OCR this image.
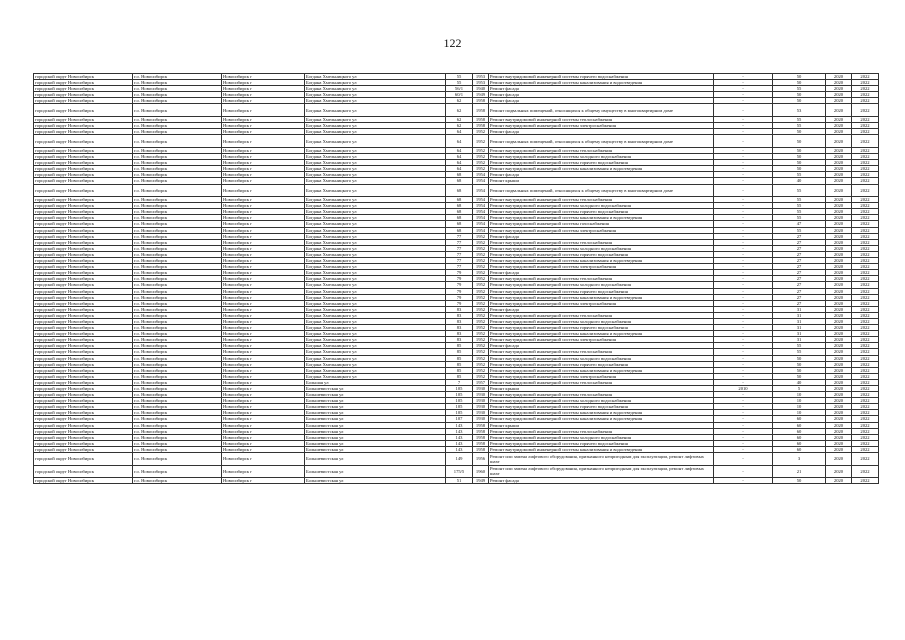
122
городской округ Новосибирск	г.о. Новосибирск	Новосибирск г	Богдана Хмельницкого ул	55	1953	Ремонт внутридомовой инженерной системы горячего водоснабжения	-	50	2020	2022
городской округ Новосибирск	г.о. Новосибирск	Новосибирск г	Богдана Хмельницкого ул	55	1953	Ремонт внутридомовой инженерной системы канализования и водоотведения	-	50	2020	2022
городской округ Новосибирск	г.о. Новосибирск	Новосибирск г	Богдана Хмельницкого ул	56/1	1940	Ремонт фасада	-	55	2020	2022
городской округ Новосибирск	г.о. Новосибирск	Новосибирск г	Богдана Хмельницкого ул	60/1	1949	Ремонт фасада	-	50	2020	2022
городской округ Новосибирск	г.о. Новосибирск	Новосибирск г	Богдана Хмельницкого ул	62	1958	Ремонт фасада	-	50	2020	2022
городской округ Новосибирск	г.о. Новосибирск	Новосибирск г	Богдана Хмельницкого ул	62	1958	Ремонт подвальных помещений, относящихся к общему имуществу в многоквартирном доме	-	53	2020	2022
городской округ Новосибирск	г.о. Новосибирск	Новосибирск г	Богдана Хмельницкого ул	62	1958	Ремонт внутридомовой инженерной системы теплоснабжения	-	55	2020	2022
городской округ Новосибирск	г.о. Новосибирск	Новосибирск г	Богдана Хмельницкого ул	62	1958	Ремонт внутридомовой инженерной системы электроснабжения	-	55	2020	2022
городской округ Новосибирск	г.о. Новосибирск	Новосибирск г	Богдана Хмельницкого ул	64	1952	Ремонт фасада	-	50	2020	2022
городской округ Новосибирск	г.о. Новосибирск	Новосибирск г	Богдана Хмельницкого ул	64	1952	Ремонт подвальных помещений, относящихся к общему имуществу в многоквартирном доме	-	50	2020	2022
городской округ Новосибирск	г.о. Новосибирск	Новосибирск г	Богдана Хмельницкого ул	64	1952	Ремонт внутридомовой инженерной системы теплоснабжения	-	50	2020	2022
городской округ Новосибирск	г.о. Новосибирск	Новосибирск г	Богдана Хмельницкого ул	64	1952	Ремонт внутридомовой инженерной системы холодного водоснабжения	-	50	2020	2022
городской округ Новосибирск	г.о. Новосибирск	Новосибирск г	Богдана Хмельницкого ул	64	1952	Ремонт внутридомовой инженерной системы горячего водоснабжения	-	50	2020	2022
городской округ Новосибирск	г.о. Новосибирск	Новосибирск г	Богдана Хмельницкого ул	64	1952	Ремонт внутридомовой инженерной системы канализования и водоотведения	-	50	2020	2022
городской округ Новосибирск	г.о. Новосибирск	Новосибирск г	Богдана Хмельницкого ул	68	1954	Ремонт фасада	-	55	2020	2022
городской округ Новосибирск	г.о. Новосибирск	Новосибирск г	Богдана Хмельницкого ул	68	1954	Ремонт крыши	-	40	2020	2022
городской округ Новосибирск	г.о. Новосибирск	Новосибирск г	Богдана Хмельницкого ул	68	1954	Ремонт подвальных помещений, относящихся к общему имуществу в многоквартирном доме	-	55	2020	2022
городской округ Новосибирск	г.о. Новосибирск	Новосибирск г	Богдана Хмельницкого ул	68	1954	Ремонт внутридомовой инженерной системы теплоснабжения	-	55	2020	2022
городской округ Новосибирск	г.о. Новосибирск	Новосибирск г	Богдана Хмельницкого ул	68	1954	Ремонт внутридомовой инженерной системы холодного водоснабжения	-	55	2020	2022
городской округ Новосибирск	г.о. Новосибирск	Новосибирск г	Богдана Хмельницкого ул	68	1954	Ремонт внутридомовой инженерной системы горячего водоснабжения	-	55	2020	2022
городской округ Новосибирск	г.о. Новосибирск	Новосибирск г	Богдана Хмельницкого ул	68	1954	Ремонт внутридомовой инженерной системы канализования и водоотведения	-	55	2020	2022
городской округ Новосибирск	г.о. Новосибирск	Новосибирск г	Богдана Хмельницкого ул	68	1954	Ремонт внутридомовой инженерной системы газоснабжения	-	47	2020	2022
городской округ Новосибирск	г.о. Новосибирск	Новосибирск г	Богдана Хмельницкого ул	68	1954	Ремонт внутридомовой инженерной системы электроснабжения	-	55	2020	2022
городской округ Новосибирск	г.о. Новосибирск	Новосибирск г	Богдана Хмельницкого ул	77	1952	Ремонт фасада	-	27	2020	2022
городской округ Новосибирск	г.о. Новосибирск	Новосибирск г	Богдана Хмельницкого ул	77	1952	Ремонт внутридомовой инженерной системы теплоснабжения	-	27	2020	2022
городской округ Новосибирск	г.о. Новосибирск	Новосибирск г	Богдана Хмельницкого ул	77	1952	Ремонт внутридомовой инженерной системы холодного водоснабжения	-	27	2020	2022
городской округ Новосибирск	г.о. Новосибирск	Новосибирск г	Богдана Хмельницкого ул	77	1952	Ремонт внутридомовой инженерной системы горячего водоснабжения	-	27	2020	2022
городской округ Новосибирск	г.о. Новосибирск	Новосибирск г	Богдана Хмельницкого ул	77	1952	Ремонт внутридомовой инженерной системы канализования и водоотведения	-	27	2020	2022
городской округ Новосибирск	г.о. Новосибирск	Новосибирск г	Богдана Хмельницкого ул	77	1952	Ремонт внутридомовой инженерной системы электроснабжения	-	27	2020	2022
городской округ Новосибирск	г.о. Новосибирск	Новосибирск г	Богдана Хмельницкого ул	79	1952	Ремонт фасада	-	27	2020	2022
городской округ Новосибирск	г.о. Новосибирск	Новосибирск г	Богдана Хмельницкого ул	79	1952	Ремонт внутридомовой инженерной системы теплоснабжения	-	27	2020	2022
городской округ Новосибирск	г.о. Новосибирск	Новосибирск г	Богдана Хмельницкого ул	79	1952	Ремонт внутридомовой инженерной системы холодного водоснабжения	-	27	2020	2022
городской округ Новосибирск	г.о. Новосибирск	Новосибирск г	Богдана Хмельницкого ул	79	1952	Ремонт внутридомовой инженерной системы горячего водоснабжения	-	27	2020	2022
городской округ Новосибирск	г.о. Новосибирск	Новосибирск г	Богдана Хмельницкого ул	79	1952	Ремонт внутридомовой инженерной системы канализования и водоотведения	-	27	2020	2022
городской округ Новосибирск	г.о. Новосибирск	Новосибирск г	Богдана Хмельницкого ул	79	1952	Ремонт внутридомовой инженерной системы электроснабжения	-	27	2020	2022
городской округ Новосибирск	г.о. Новосибирск	Новосибирск г	Богдана Хмельницкого ул	83	1952	Ремонт фасада	-	31	2020	2022
городской округ Новосибирск	г.о. Новосибирск	Новосибирск г	Богдана Хмельницкого ул	83	1952	Ремонт внутридомовой инженерной системы теплоснабжения	-	31	2020	2022
городской округ Новосибирск	г.о. Новосибирск	Новосибирск г	Богдана Хмельницкого ул	83	1952	Ремонт внутридомовой инженерной системы холодного водоснабжения	-	31	2020	2022
городской округ Новосибирск	г.о. Новосибирск	Новосибирск г	Богдана Хмельницкого ул	83	1952	Ремонт внутридомовой инженерной системы горячего водоснабжения	-	31	2020	2022
городской округ Новосибирск	г.о. Новосибирск	Новосибирск г	Богдана Хмельницкого ул	83	1952	Ремонт внутридомовой инженерной системы канализования и водоотведения	-	31	2020	2022
городской округ Новосибирск	г.о. Новосибирск	Новосибирск г	Богдана Хмельницкого ул	83	1952	Ремонт внутридомовой инженерной системы электроснабжения	-	31	2020	2022
городской округ Новосибирск	г.о. Новосибирск	Новосибирск г	Богдана Хмельницкого ул	85	1952	Ремонт фасада	-	55	2020	2022
городской округ Новосибирск	г.о. Новосибирск	Новосибирск г	Богдана Хмельницкого ул	85	1952	Ремонт внутридомовой инженерной системы теплоснабжения	-	55	2020	2022
городской округ Новосибирск	г.о. Новосибирск	Новосибирск г	Богдана Хмельницкого ул	85	1952	Ремонт внутридомовой инженерной системы холодного водоснабжения	-	50	2020	2022
городской округ Новосибирск	г.о. Новосибирск	Новосибирск г	Богдана Хмельницкого ул	85	1952	Ремонт внутридомовой инженерной системы горячего водоснабжения	-	50	2020	2022
городской округ Новосибирск	г.о. Новосибирск	Новосибирск г	Богдана Хмельницкого ул	85	1952	Ремонт внутридомовой инженерной системы канализования и водоотведения	-	50	2020	2022
городской округ Новосибирск	г.о. Новосибирск	Новосибирск г	Богдана Хмельницкого ул	85	1952	Ремонт внутридомовой инженерной системы электроснабжения	-	50	2020	2022
городской округ Новосибирск	г.о. Новосибирск	Новосибирск г	Большая ул	7	1957	Ремонт внутридомовой инженерной системы теплоснабжения	-	40	2020	2022
городской округ Новосибирск	г.о. Новосибирск	Новосибирск г	Большевистская ул	105	1930	Ремонт крыши	2010	5	2020	2022
городской округ Новосибирск	г.о. Новосибирск	Новосибирск г	Большевистская ул	105	1930	Ремонт внутридомовой инженерной системы теплоснабжения	-	10	2020	2022
городской округ Новосибирск	г.о. Новосибирск	Новосибирск г	Большевистская ул	105	1930	Ремонт внутридомовой инженерной системы холодного водоснабжения	-	10	2020	2022
городской округ Новосибирск	г.о. Новосибирск	Новосибирск г	Большевистская ул	105	1930	Ремонт внутридомовой инженерной системы горячего водоснабжения	-	10	2020	2022
городской округ Новосибирск	г.о. Новосибирск	Новосибирск г	Большевистская ул	105	1930	Ремонт внутридомовой инженерной системы канализования и водоотведения	-	10	2020	2022
городской округ Новосибирск	г.о. Новосибирск	Новосибирск г	Большевистская ул	107	1930	Ремонт внутридомовой инженерной системы канализования и водоотведения	-	60	2020	2022
городской округ Новосибирск	г.о. Новосибирск	Новосибирск г	Большевистская ул	143	1958	Ремонт крыши	-	60	2020	2022
городской округ Новосибирск	г.о. Новосибирск	Новосибирск г	Большевистская ул	143	1958	Ремонт внутридомовой инженерной системы теплоснабжения	-	60	2020	2022
городской округ Новосибирск	г.о. Новосибирск	Новосибирск г	Большевистская ул	143	1958	Ремонт внутридомовой инженерной системы холодного водоснабжения	-	60	2020	2022
городской округ Новосибирск	г.о. Новосибирск	Новосибирск г	Большевистская ул	143	1958	Ремонт внутридомовой инженерной системы горячего водоснабжения	-	60	2020	2022
городской округ Новосибирск	г.о. Новосибирск	Новосибирск г	Большевистская ул	143	1958	Ремонт внутридомовой инженерной системы канализования и водоотведения	-	60	2020	2022
городской округ Новосибирск	г.о. Новосибирск	Новосибирск г	Большевистская ул	149	1956	Ремонт или замена лифтового оборудования, признанного непригодным для эксплуатации, ремонт лифтовых шахт	-	3	2020	2022
городской округ Новосибирск	г.о. Новосибирск	Новосибирск г	Большевистская ул	175/5	1960	Ремонт или замена лифтового оборудования, признанного непригодным для эксплуатации, ремонт лифтовых шахт	-	21	2020	2022
городской округ Новосибирск	г.о. Новосибирск	Новосибирск г	Большевистская ул	51	1949	Ремонт фасада	-	50	2020	2022
